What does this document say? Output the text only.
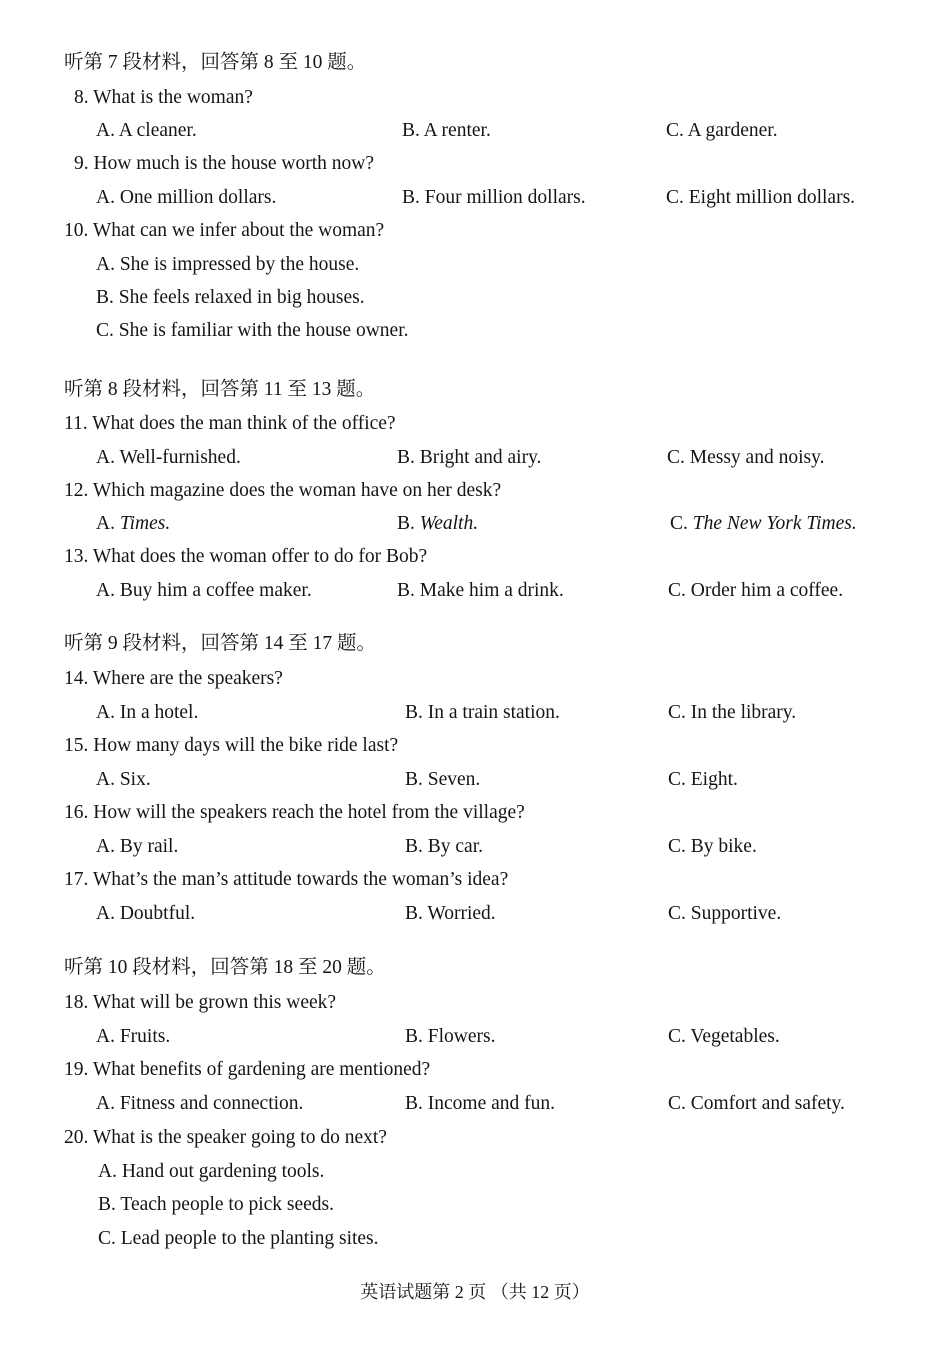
听第 7 段材料，回答第 8 至 10 题。
8. What is the woman?
A. A cleaner.	B. A renter.	C. A gardener.
9. How much is the house worth now?
A. One million dollars.	B. Four million dollars.	C. Eight million dollars.
10. What can we infer about the woman?
A. She is impressed by the house.
B. She feels relaxed in big houses.
C. She is familiar with the house owner.
听第 8 段材料，回答第 11 至 13 题。
11. What does the man think of the office?
A. Well-furnished.	B. Bright and airy.	C. Messy and noisy.
12. Which magazine does the woman have on her desk?
A. Times.	B. Wealth.	C. The New York Times.
13. What does the woman offer to do for Bob?
A. Buy him a coffee maker.	B. Make him a drink.	C. Order him a coffee.
听第 9 段材料，回答第 14 至 17 题。
14. Where are the speakers?
A. In a hotel.	B. In a train station.	C. In the library.
15. How many days will the bike ride last?
A. Six.	B. Seven.	C. Eight.
16. How will the speakers reach the hotel from the village?
A. By rail.	B. By car.	C. By bike.
17. What’s the man’s attitude towards the woman’s idea?
A. Doubtful.	B. Worried.	C. Supportive.
听第 10 段材料，回答第 18 至 20 题。
18. What will be grown this week?
A. Fruits.	B. Flowers.	C. Vegetables.
19. What benefits of gardening are mentioned?
A. Fitness and connection.	B. Income and fun.	C. Comfort and safety.
20. What is the speaker going to do next?
A. Hand out gardening tools.
B. Teach people to pick seeds.
C. Lead people to the planting sites.
英语试题第 2 页 （共 12 页）
